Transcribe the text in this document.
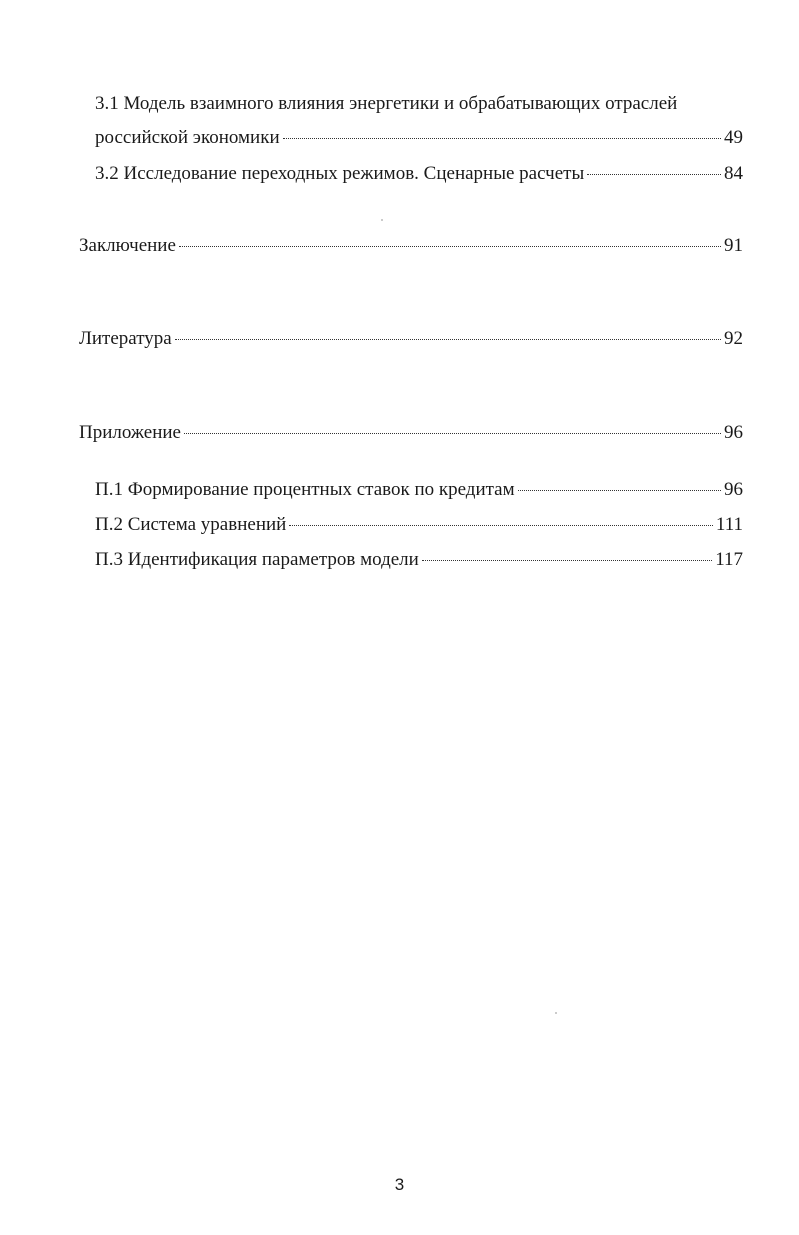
3.1 Модель взаимного влияния энергетики и обрабатывающих отраслей
российской экономики	49
3.2 Исследование переходных режимов. Сценарные расчеты	84
Заключение	91
Литература	92
Приложение	96
П.1 Формирование процентных ставок по кредитам	96
П.2 Система уравнений	111
П.3 Идентификация параметров модели	117
3
